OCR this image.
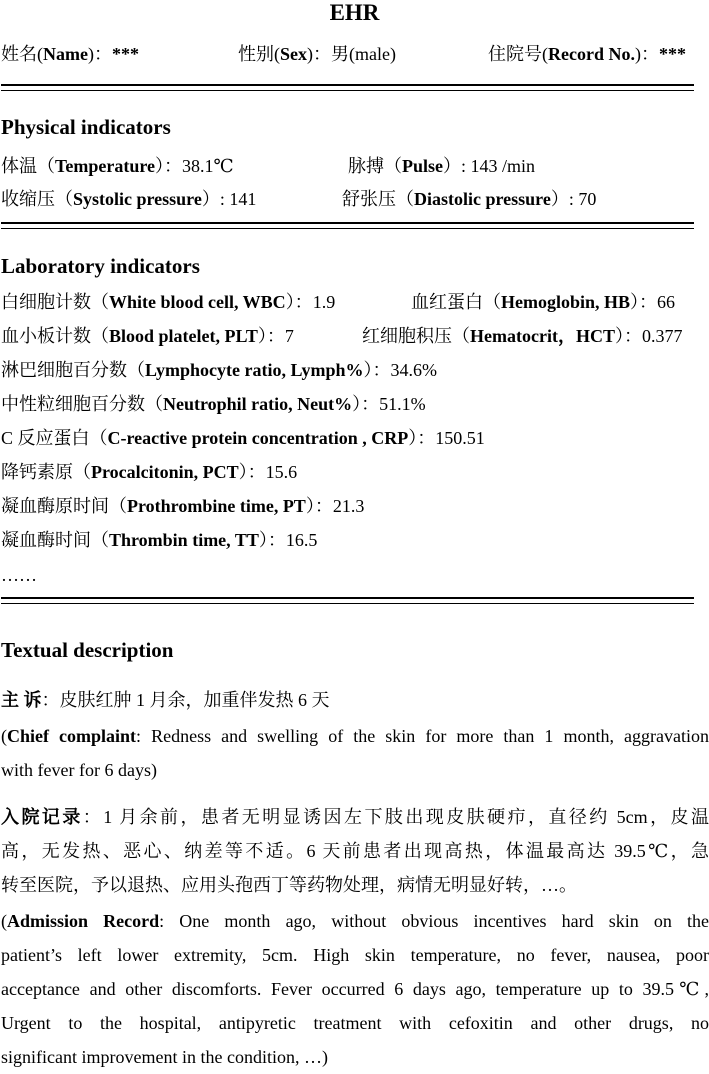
EHR
姓名(Name)：***	性别(Sex)：男(male)	住院号(Record No.)：***
Physical indicators
体温（Temperature）：38.1℃	脉搏（Pulse）: 143 /min
收缩压（Systolic pressure）: 141	舒张压（Diastolic pressure）: 70
Laboratory indicators
白细胞计数（White blood cell, WBC）：1.9	血红蛋白（Hemoglobin, HB）：66
血小板计数（Blood platelet, PLT）：7	红细胞积压（Hematocrit，HCT）：0.377
淋巴细胞百分数（Lymphocyte ratio, Lymph%）：34.6%
中性粒细胞百分数（Neutrophil ratio, Neut%）：51.1%
C 反应蛋白（C-reactive protein concentration , CRP）：150.51
降钙素原（Procalcitonin, PCT）：15.6
凝血酶原时间（Prothrombine time, PT）：21.3
凝血酶时间（Thrombin time, TT）：16.5
……
Textual description
主 诉：皮肤红肿 1 月余，加重伴发热 6 天
(Chief complaint: Redness and swelling of the skin for more than 1 month, aggravation
with fever for 6 days)
入院记录：1 月余前，患者无明显诱因左下肢出现皮肤硬疖，直径约 5cm，皮温
高，无发热、恶心、纳差等不适。6 天前患者出现高热，体温最高达 39.5℃，急
转至医院，予以退热、应用头孢西丁等药物处理，病情无明显好转，…。
(Admission Record: One month ago, without obvious incentives hard skin on the
patient’s left lower extremity, 5cm. High skin temperature, no fever, nausea, poor
acceptance and other discomforts. Fever occurred 6 days ago, temperature up to 39.5℃,
Urgent to the hospital, antipyretic treatment with cefoxitin and other drugs, no
significant improvement in the condition, …)
